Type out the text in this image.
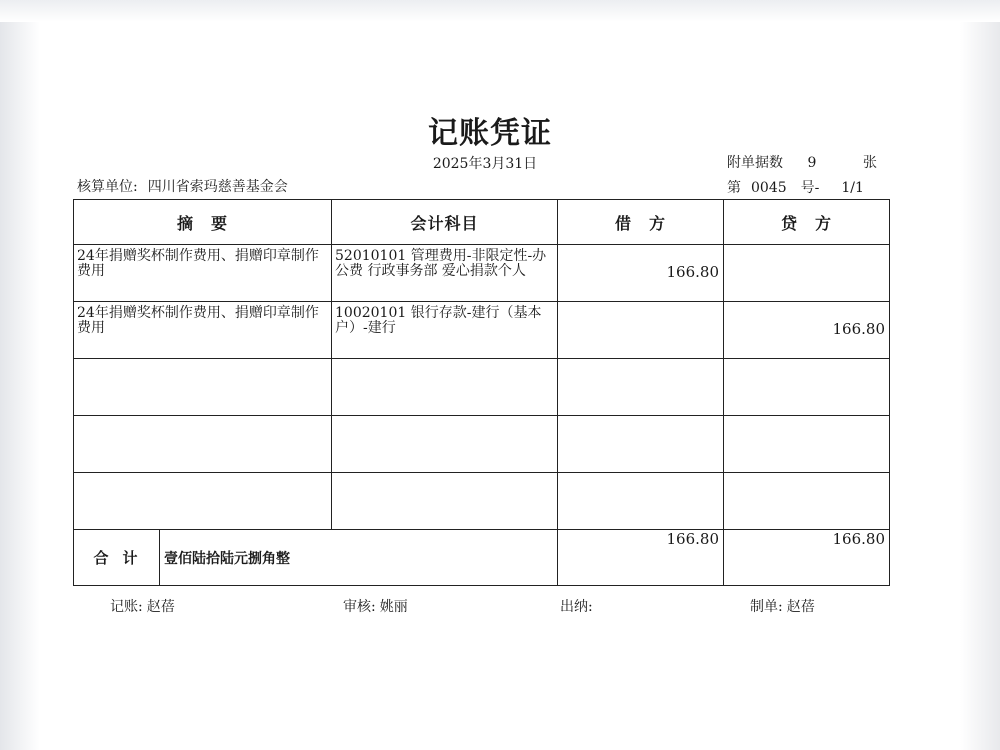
记账凭证
2025年3月31日
核算单位: 四川省索玛慈善基金会
附单据数 9	张
第 0045 号- 1/1
摘　要	会计科目	借　方	贷　方

24年捐赠奖杯制作费用、捐赠印章制作费用	52010101 管理费用-非限定性-办公费 行政事务部 爱心捐款个人	166.80	

24年捐赠奖杯制作费用、捐赠印章制作费用	10020101 银行存款-建行（基本户）-建行		166.80

合计 壹佰陆拾陆元捌角整		166.80	166.80
记账: 赵蓓	审核: 姚丽	出纳:	制单: 赵蓓
